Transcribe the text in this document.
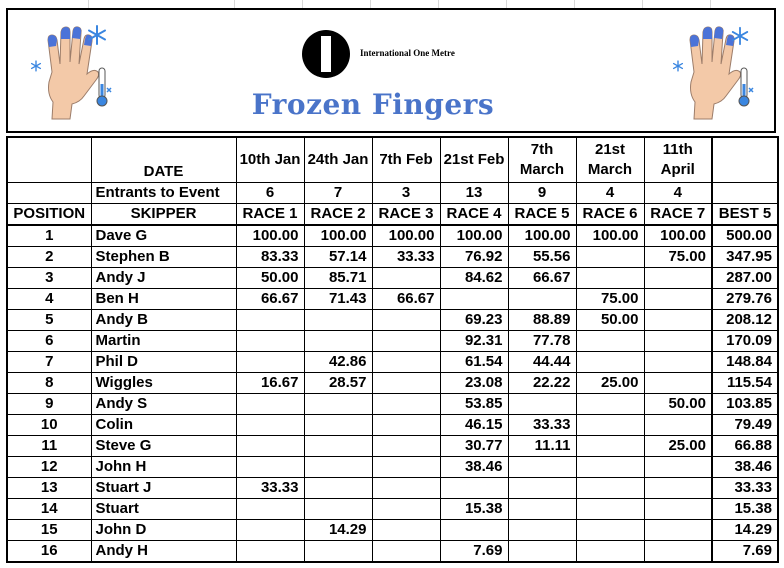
International One Metre
Frozen Fingers
	DATE	10th Jan	24th Jan	7th Feb	21st Feb	7th March	21st March	11th April	
	Entrants to Event	6	7	3	13	9	4	4	
POSITION	SKIPPER	RACE 1	RACE 2	RACE 3	RACE 4	RACE 5	RACE 6	RACE 7	BEST 5
1	Dave G	100.00	100.00	100.00	100.00	100.00	100.00	100.00	500.00
2	Stephen B	83.33	57.14	33.33	76.92	55.56		75.00	347.95
3	Andy J	50.00	85.71		84.62	66.67			287.00
4	Ben H	66.67	71.43	66.67			75.00		279.76
5	Andy B				69.23	88.89	50.00		208.12
6	Martin				92.31	77.78			170.09
7	Phil D		42.86		61.54	44.44			148.84
8	Wiggles	16.67	28.57		23.08	22.22	25.00		115.54
9	Andy S				53.85			50.00	103.85
10	Colin				46.15	33.33			79.49
11	Steve G				30.77	11.11		25.00	66.88
12	John H				38.46				38.46
13	Stuart J	33.33							33.33
14	Stuart				15.38				15.38
15	John D		14.29						14.29
16	Andy H				7.69				7.69
